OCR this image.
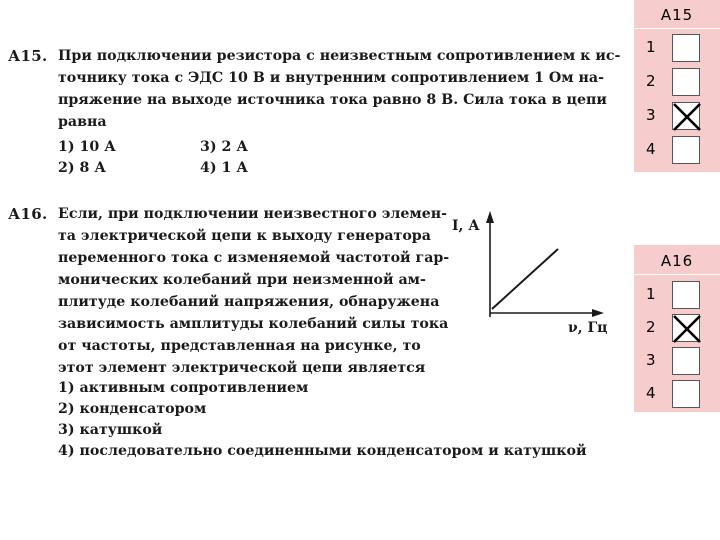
А15. При подключении резистора с неизвестным сопротивлением к ис-
точнику тока с ЭДС 10 В и внутренним сопротивлением 1 Ом на-
пряжение на выходе источника тока равно 8 В. Сила тока в цепи
равна
1) 10 А
2) 8 А
3) 2 А
4) 1 А
А16. Если, при подключении неизвестного элемен-
та электрической цепи к выходу генератора
переменного тока с изменяемой частотой гар-
монических колебаний при неизменной ам-
плитуде колебаний напряжения, обнаружена
зависимость амплитуды колебаний силы тока
от частоты, представленная на рисунке, то
этот элемент электрической цепи является
1) активным сопротивлением
2) конденсатором
3) катушкой
4) последовательно соединенными конденсатором и катушкой
I, А
ν, Гц
А15
1
2
3
4
А16
1
2
3
4
